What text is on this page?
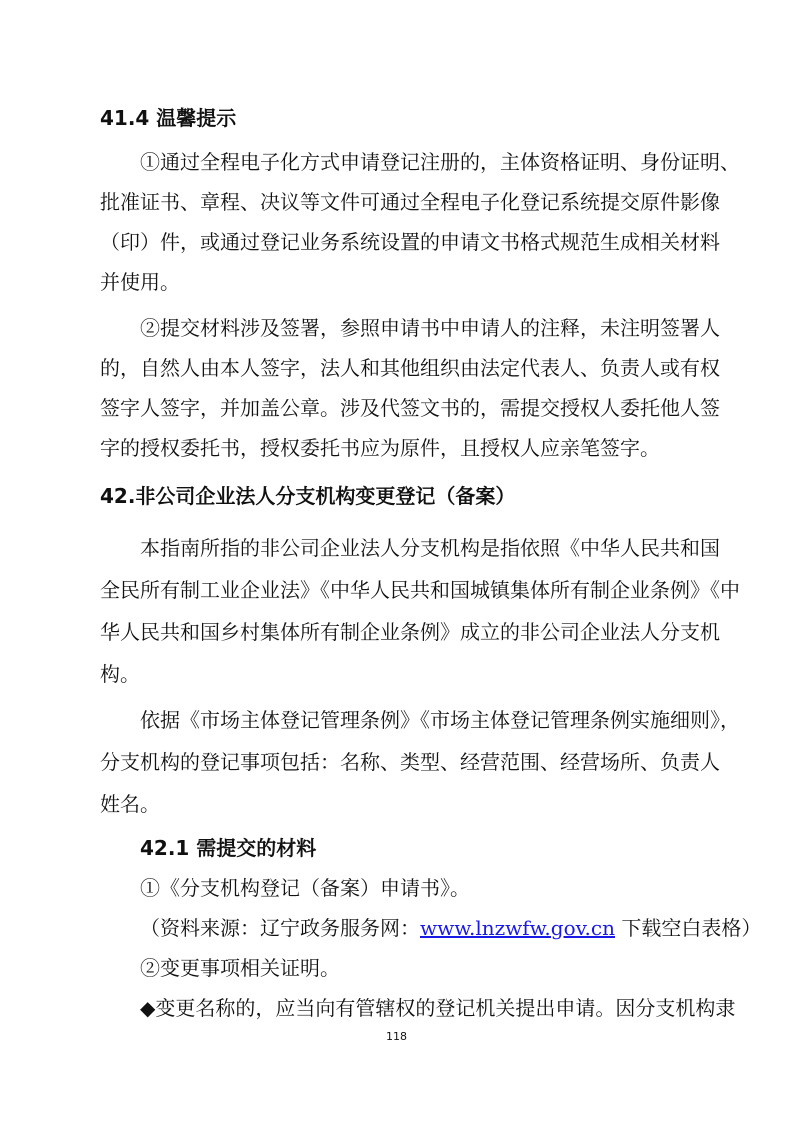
41.4 温馨提示
①通过全程电子化方式申请登记注册的，主体资格证明、身份证明、
批准证书、章程、决议等文件可通过全程电子化登记系统提交原件影像
（印）件，或通过登记业务系统设置的申请文书格式规范生成相关材料
并使用。
②提交材料涉及签署，参照申请书中申请人的注释，未注明签署人
的，自然人由本人签字，法人和其他组织由法定代表人、负责人或有权
签字人签字，并加盖公章。涉及代签文书的，需提交授权人委托他人签
字的授权委托书，授权委托书应为原件，且授权人应亲笔签字。
42.非公司企业法人分支机构变更登记（备案）
本指南所指的非公司企业法人分支机构是指依照《中华人民共和国
全民所有制工业企业法》《中华人民共和国城镇集体所有制企业条例》《中
华人民共和国乡村集体所有制企业条例》成立的非公司企业法人分支机
构。
依据《市场主体登记管理条例》《市场主体登记管理条例实施细则》，
分支机构的登记事项包括：名称、类型、经营范围、经营场所、负责人
姓名。
42.1 需提交的材料
①《分支机构登记（备案）申请书》。
（资料来源：辽宁政务服务网：www.lnzwfw.gov.cn 下载空白表格）
②变更事项相关证明。
◆变更名称的，应当向有管辖权的登记机关提出申请。因分支机构隶
118
